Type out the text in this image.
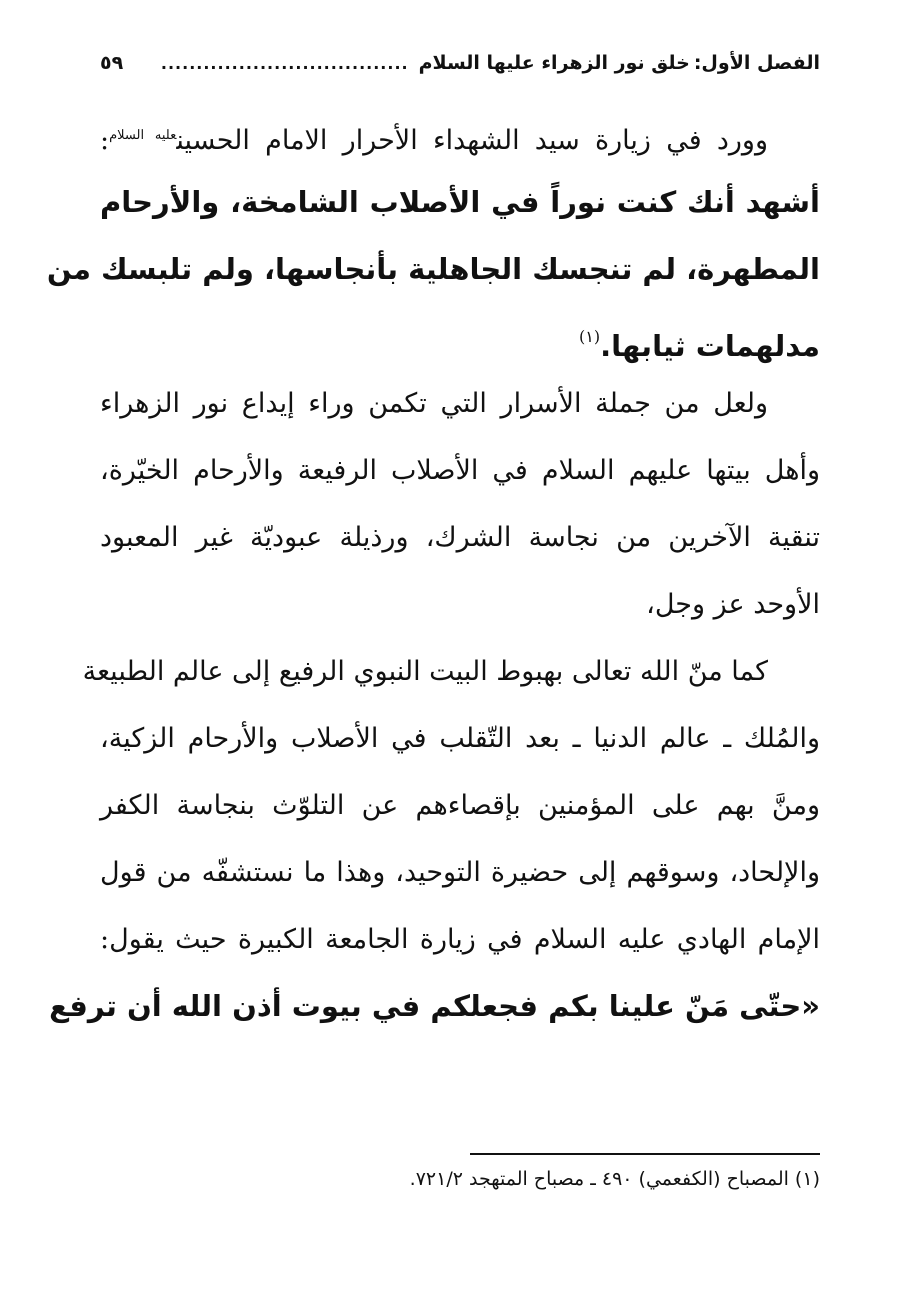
الفصل الأول:
خلق نور الزهراء عليها السلام
...................................
٥٩
وورد في زيارة سيد الشهداء الأحرار الامام الحسين$^{عليه السلام}$:
أشهد أنك كنت نوراً في الأصلاب الشامخة، والأرحام
المطهرة، لم تنجسك الجاهلية بأنجاسها، ولم تلبسك من
مدلهمات ثيابها.$^{(١)}$
ولعل من جملة الأسرار التي تكمن وراء إيداع نور الزهراء
وأهل بيتها عليهم السلام في الأصلاب الرفيعة والأرحام الخيّرة،
تنقية الآخرين من نجاسة الشرك، ورذيلة عبوديّة غير المعبود
الأوحد عز وجل،
كما منّ الله تعالى بهبوط البيت النبوي الرفيع إلى عالم الطبيعة
والمُلك ـ عالم الدنيا ـ بعد التّقلب في الأصلاب والأرحام الزكية،
ومنَّ بهم على المؤمنين بإقصاءهم عن التلوّث بنجاسة الكفر
والإلحاد، وسوقهم إلى حضيرة التوحيد، وهذا ما نستشفّه من قول
الإمام الهادي عليه السلام في زيارة الجامعة الكبيرة حيث يقول:
«حتّى مَنّ علينا بكم فجعلكم في بيوت أذن الله أن ترفع
(١) المصباح (الكفعمي) ٤٩٠ ـ مصباح المتهجد ٧٢١/٢.
